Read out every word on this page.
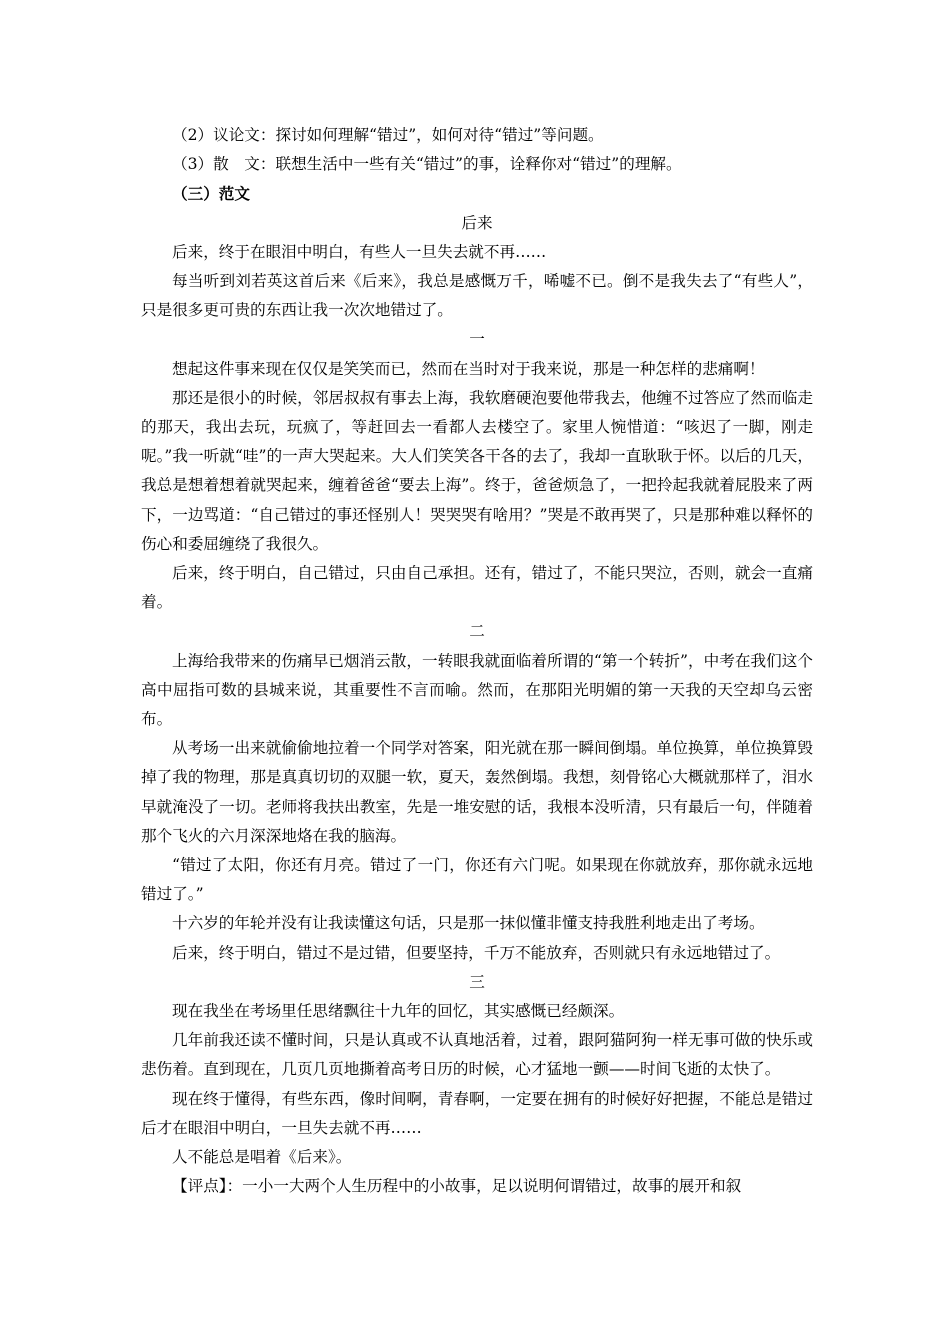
（2）议论文：探讨如何理解“错过”，如何对待“错过”等问题。
（3）散　文：联想生活中一些有关“错过”的事，诠释你对“错过”的理解。
（三）范文
后来
后来，终于在眼泪中明白，有些人一旦失去就不再……
每当听到刘若英这首后来《后来》，我总是感慨万千，唏嘘不已。倒不是我失去了“有些人”，只是很多更可贵的东西让我一次次地错过了。
一
想起这件事来现在仅仅是笑笑而已，然而在当时对于我来说，那是一种怎样的悲痛啊！
那还是很小的时候，邻居叔叔有事去上海，我软磨硬泡要他带我去，他缠不过答应了然而临走的那天，我出去玩，玩疯了，等赶回去一看都人去楼空了。家里人惋惜道：“咳迟了一脚，刚走呢。”我一听就“哇”的一声大哭起来。大人们笑笑各干各的去了，我却一直耿耿于怀。以后的几天，我总是想着想着就哭起来，缠着爸爸“要去上海”。终于，爸爸烦急了，一把拎起我就着屁股来了两下，一边骂道：“自己错过的事还怪别人！哭哭哭有啥用？”哭是不敢再哭了，只是那种难以释怀的伤心和委屈缠绕了我很久。
后来，终于明白，自己错过，只由自己承担。还有，错过了，不能只哭泣，否则，就会一直痛着。
二
上海给我带来的伤痛早已烟消云散，一转眼我就面临着所谓的“第一个转折”，中考在我们这个高中屈指可数的县城来说，其重要性不言而喻。然而，在那阳光明媚的第一天我的天空却乌云密布。
从考场一出来就偷偷地拉着一个同学对答案，阳光就在那一瞬间倒塌。单位换算，单位换算毁掉了我的物理，那是真真切切的双腿一软，夏天，轰然倒塌。我想，刻骨铭心大概就那样了，泪水早就淹没了一切。老师将我扶出教室，先是一堆安慰的话，我根本没听清，只有最后一句，伴随着那个飞火的六月深深地烙在我的脑海。
“错过了太阳，你还有月亮。错过了一门，你还有六门呢。如果现在你就放弃，那你就永远地错过了。”
十六岁的年轮并没有让我读懂这句话，只是那一抹似懂非懂支持我胜利地走出了考场。
后来，终于明白，错过不是过错，但要坚持，千万不能放弃，否则就只有永远地错过了。
三
现在我坐在考场里任思绪飘往十九年的回忆，其实感慨已经颇深。
几年前我还读不懂时间，只是认真或不认真地活着，过着，跟阿猫阿狗一样无事可做的快乐或悲伤着。直到现在，几页几页地撕着高考日历的时候，心才猛地一颤——时间飞逝的太快了。
现在终于懂得，有些东西，像时间啊，青春啊，一定要在拥有的时候好好把握，不能总是错过后才在眼泪中明白，一旦失去就不再……
人不能总是唱着《后来》。
【评点】：一小一大两个人生历程中的小故事，足以说明何谓错过，故事的展开和叙
